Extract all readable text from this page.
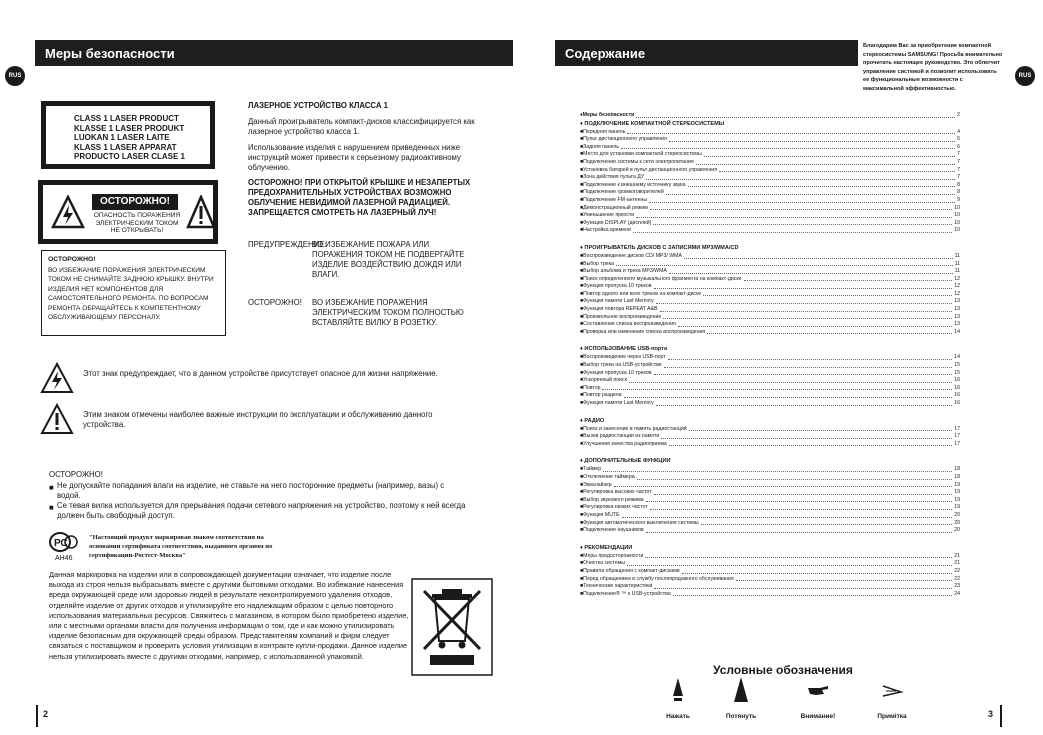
RUS
Меры безопасности
CLASS 1 LASER PRODUCT
KLASSE 1 LASER PRODUKT
LUOKAN 1 LASER LAITE
KLASS 1 LASER APPARAT
PRODUCTO LASER CLASE 1
ОСТОРОЖНО!
ОПАСНОСТЬ ПОРАЖЕНИЯ ЭЛЕКТРИЧЕСКИМ ТОКОМ НЕ ОТКРЫВАТЬ!
ОСТОРОЖНО!
ВО ИЗБЕЖАНИЕ ПОРАЖЕНИЯ ЭЛЕКТРИЧЕСКИМ ТОКОМ НЕ СНИМАЙТЕ ЗАДНЮЮ КРЫШКУ. ВНУТРИ ИЗДЕЛИЯ НЕТ КОМПОНЕНТОВ ДЛЯ САМОСТОЯТЕЛЬНОГО РЕМОНТА. ПО ВОПРОСАМ РЕМОНТА ОБРАЩАЙТЕСЬ К КОМПЕТЕНТНОМУ ОБСЛУЖИВАЮЩЕМУ ПЕРСОНАЛУ.
ЛАЗЕРНОЕ УСТРОЙСТВО КЛАССА 1
Данный проигрыватель компакт-дисков классифицируется как лазерное устройство класса 1.
Использование изделия с нарушением приведенных ниже инструкций может привести к серьезному радиоактивному облучению.
ОСТОРОЖНО! ПРИ ОТКРЫТОЙ КРЫШКЕ И НЕЗАПЕРТЫХ ПРЕДОХРАНИТЕЛЬНЫХ УСТРОЙСТВАХ ВОЗМОЖНО ОБЛУЧЕНИЕ НЕВИДИМОЙ ЛАЗЕРНОЙ РАДИАЦИЕЙ. ЗАПРЕЩАЕТСЯ СМОТРЕТЬ НА ЛАЗЕРНЫЙ ЛУЧ!
ПРЕДУПРЕЖДЕНИЕ:
ВО ИЗБЕЖАНИЕ ПОЖАРА ИЛИ ПОРАЖЕНИЯ ТОКОМ НЕ ПОДВЕРГАЙТЕ ИЗДЕЛИЕ ВОЗДЕЙСТВИЮ ДОЖДЯ ИЛИ ВЛАГИ.
ОСТОРОЖНО! ВО ИЗБЕЖАНИЕ ПОРАЖЕНИЯ ЭЛЕКТРИЧЕСКИМ ТОКОМ ПОЛНОСТЬЮ ВСТАВЛЯЙТЕ ВИЛКУ В РОЗЕТКУ.
Этот знак предупреждает, что в данном устройстве присутствует опасное для жизни напряжение.
Этим знаком отмечены наиболее важные инструкции по эксплуатации и обслуживанию данного устройства.
ОСТОРОЖНО!
■ Не допускайте попадания влаги на изделие, не ставьте на него посторонние предметы (например, вазы) с водой.
■ Се тевая вилка используется для прерывания подачи сетевого напряжения на устройство, поэтому к ней всегда должен быть свободный доступ.
РС
AH46
"Настоящий продукт маркирован знаком соответствия на основании сертификата соответствия, выданного органом по сертификации-Ростест-Москва"
Данная маркировка на изделии или в сопровождающей документации означает, что изделие после выхода из строя нельзя выбрасывать вместе с другими бытовыми отходами. Во избежание нанесения вреда окружающей среде или здоровью людей в результате неконтролируемого удаления отходов, отделяйте изделие от других отходов и утилизируйте его надлежащим образом с целью повторного использования материальных ресурсов. Свяжитесь с магазином, в котором было приобретено изделие, или с местными органами власти для получения информации о том, где и как можно утилизировать изделие безопасным для окружающей среды образом. Представителям компаний и фирм следует связаться с поставщиком и проверить условия утилизации в контракте купли-продажи. Данное изделие нельзя утилизировать вместе с другими отходами, например, с использованной упаковкой.
2
Содержание	Благодарим Вас за приобретение компактной стереосистемы SAMSUNG! Просьба внимательно прочитать настоящее руководство. Это облегчит управление системой и позволит использовать ее функциональные возможности с максимальной эффективностью.
RUS
♦ Меры безопасности	2
♦ ПОДКЛЮЧЕНИЕ КОМПАКТНОЙ СТЕРЕОСИСТЕМЫ
■ Передняя панель	4
■ Пульт дистанционного управления	5
■ Задняя панель	6
■ Место для установки компактной стереосистемы	7
■ Подключение системы к сети электропитания	7
■ Установка батарей в пульт дистанционного управления	7
■ Зона действия пульта ДУ	7
■ Подключение к внешнему источнику звука	8
■ Подключение громкоговорителей	8
■ Подключение FM-антенны	9
■ Демонстрационный режим	10
■ Уменьшение яркости	10
■ Функция DISPLAY (дисплей)	10
■ Настройка времени	10
♦ ПРОИГРЫВАТЕЛЬ ДИСКОВ С ЗАПИСЯМИ MP3/WMA/CD
■ Воспроизведение дисков CD/ MP3/ WMA	11
■ Выбор трека	11
■ Выбор альбома и трека MP3/WMA	11
■ Поиск определенного музыкального фрагмента на компакт-диске	12
■ Функция пропуска 10 треков	12
■ Повтор одного или всех треков на компакт-диске	12
■ Функция памяти Last Memory	13
■ Функция повтора REPEAT A&B	13
■ Произвольное воспроизведение	13
■ Составление списка воспроизведения	13
■ Проверка или изменение списка воспроизведения	14
♦ ИСПОЛЬЗОВАНИЕ USB-порта
■ Воспроизведение через USB-порт	14
■ Выбор трека на USB-устройстве	15
■ Функция пропуска 10 треков	15
■ Ускоренный поиск	16
■ Повтор	16
■ Повтор раздела	16
■ Функция памяти Last Memory	16
♦ РАДИО
■ Поиск и занесение в память радиостанций	17
■ Вызов радиостанции из памяти	17
■ Улучшение качества радиоприема	17
♦ ДОПОЛНИТЕЛЬНЫЕ ФУНКЦИИ
■ Таймер	18
■ Отключение таймера	18
■ Эквалайзер	19
■ Регулировка высоких частот	19
■ Выбор звукового режима	19
■ Регулировка низких частот	19
■ Функция MUTE	20
■ Функция автоматического выключения системы	20
■ Подключение наушников	20
♦ РЕКОМЕНДАЦИИ
■ Меры предосторожности	21
■ Очистка системы	21
■ Правила обращения с компакт-дисками	22
■ Перед обращением в службу послепродажного обслуживания	22
■ Технические характеристики	23
■ Подключение® ™ к USB-устройства	24
Условные обозначения
Нажать	Потянуть	Внимание!	Примiтка	3
